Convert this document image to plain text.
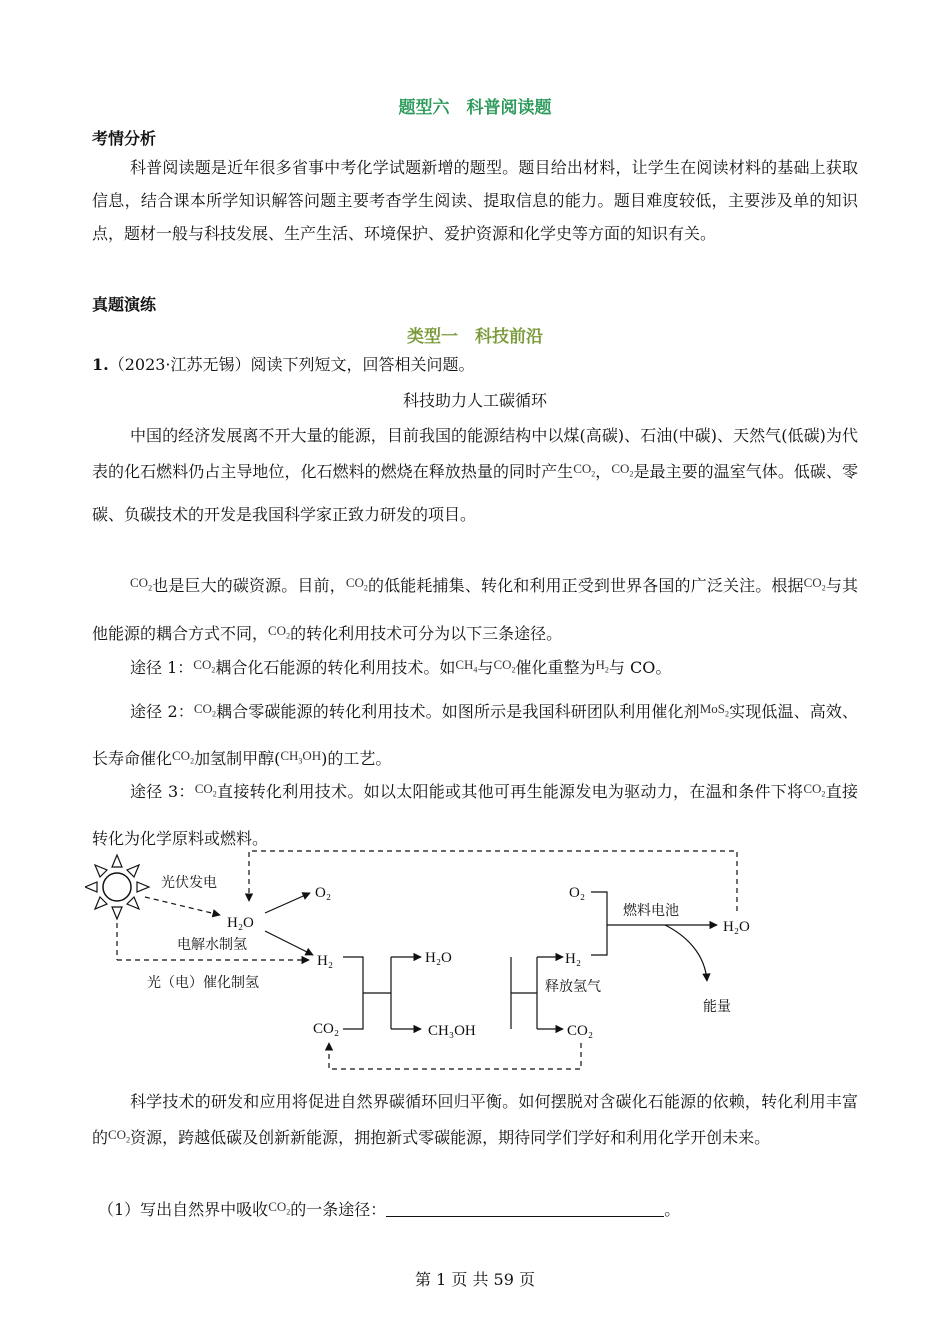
题型六　科普阅读题
考情分析
科普阅读题是近年很多省事中考化学试题新增的题型。题目给出材料，让学生在阅读材料的基础上获取信息，结合课本所学知识解答问题主要考杳学生阅读、提取信息的能力。题目难度较低，主要涉及单的知识点，题材一般与科技发展、生产生活、环境保护、爱护资源和化学史等方面的知识有关。
真题演练
类型一　科技前沿
1.（2023·江苏无锡）阅读下列短文，回答相关问题。
科技助力人工碳循环
中国的经济发展离不开大量的能源，目前我国的能源结构中以煤(高碳)、石油(中碳)、天然气(低碳)为代表的化石燃料仍占主导地位，化石燃料的燃烧在释放热量的同时产生$^{CO_2}$，$^{CO_2}$是最主要的温室气体。低碳、零碳、负碳技术的开发是我国科学家正致力研发的项目。
$^{CO_2}$也是巨大的碳资源。目前，$^{CO_2}$的低能耗捕集、转化和利用正受到世界各国的广泛关注。根据$^{CO_2}$与其他能源的耦合方式不同，$^{CO_2}$的转化利用技术可分为以下三条途径。
途径 1：$^{CO_2}$耦合化石能源的转化利用技术。如$^{CH_4}$与$^{CO_2}$催化重整为$^{H_2}$与 CO。
途径 2：$^{CO_2}$耦合零碳能源的转化利用技术。如图所示是我国科研团队利用催化剂$^{MoS_2}$实现低温、高效、长寿命催化$^{CO_2}$加氢制甲醇($^{CH_3OH}$)的工艺。
途径 3：$^{CO_2}$直接转化利用技术。如以太阳能或其他可再生能源发电为驱动力，在温和条件下将$^{CO_2}$直接转化为化学原料或燃料。
光伏发电
H₂O
O₂
电解水制氢
光（电）催化制氢
H₂
CO₂
H₂O
CH₃OH
H₂
CO₂
释放氢气
O₂
燃料电池
H₂O
能量
科学技术的研发和应用将促进自然界碳循环回归平衡。如何摆脱对含碳化石能源的依赖，转化利用丰富的$^{CO_2}$资源，跨越低碳及创新新能源，拥抱新式零碳能源，期待同学们学好和利用化学开创未来。
（1）写出自然界中吸收$^{CO_2}$的一条途径：	。
第 1 页 共 59 页
